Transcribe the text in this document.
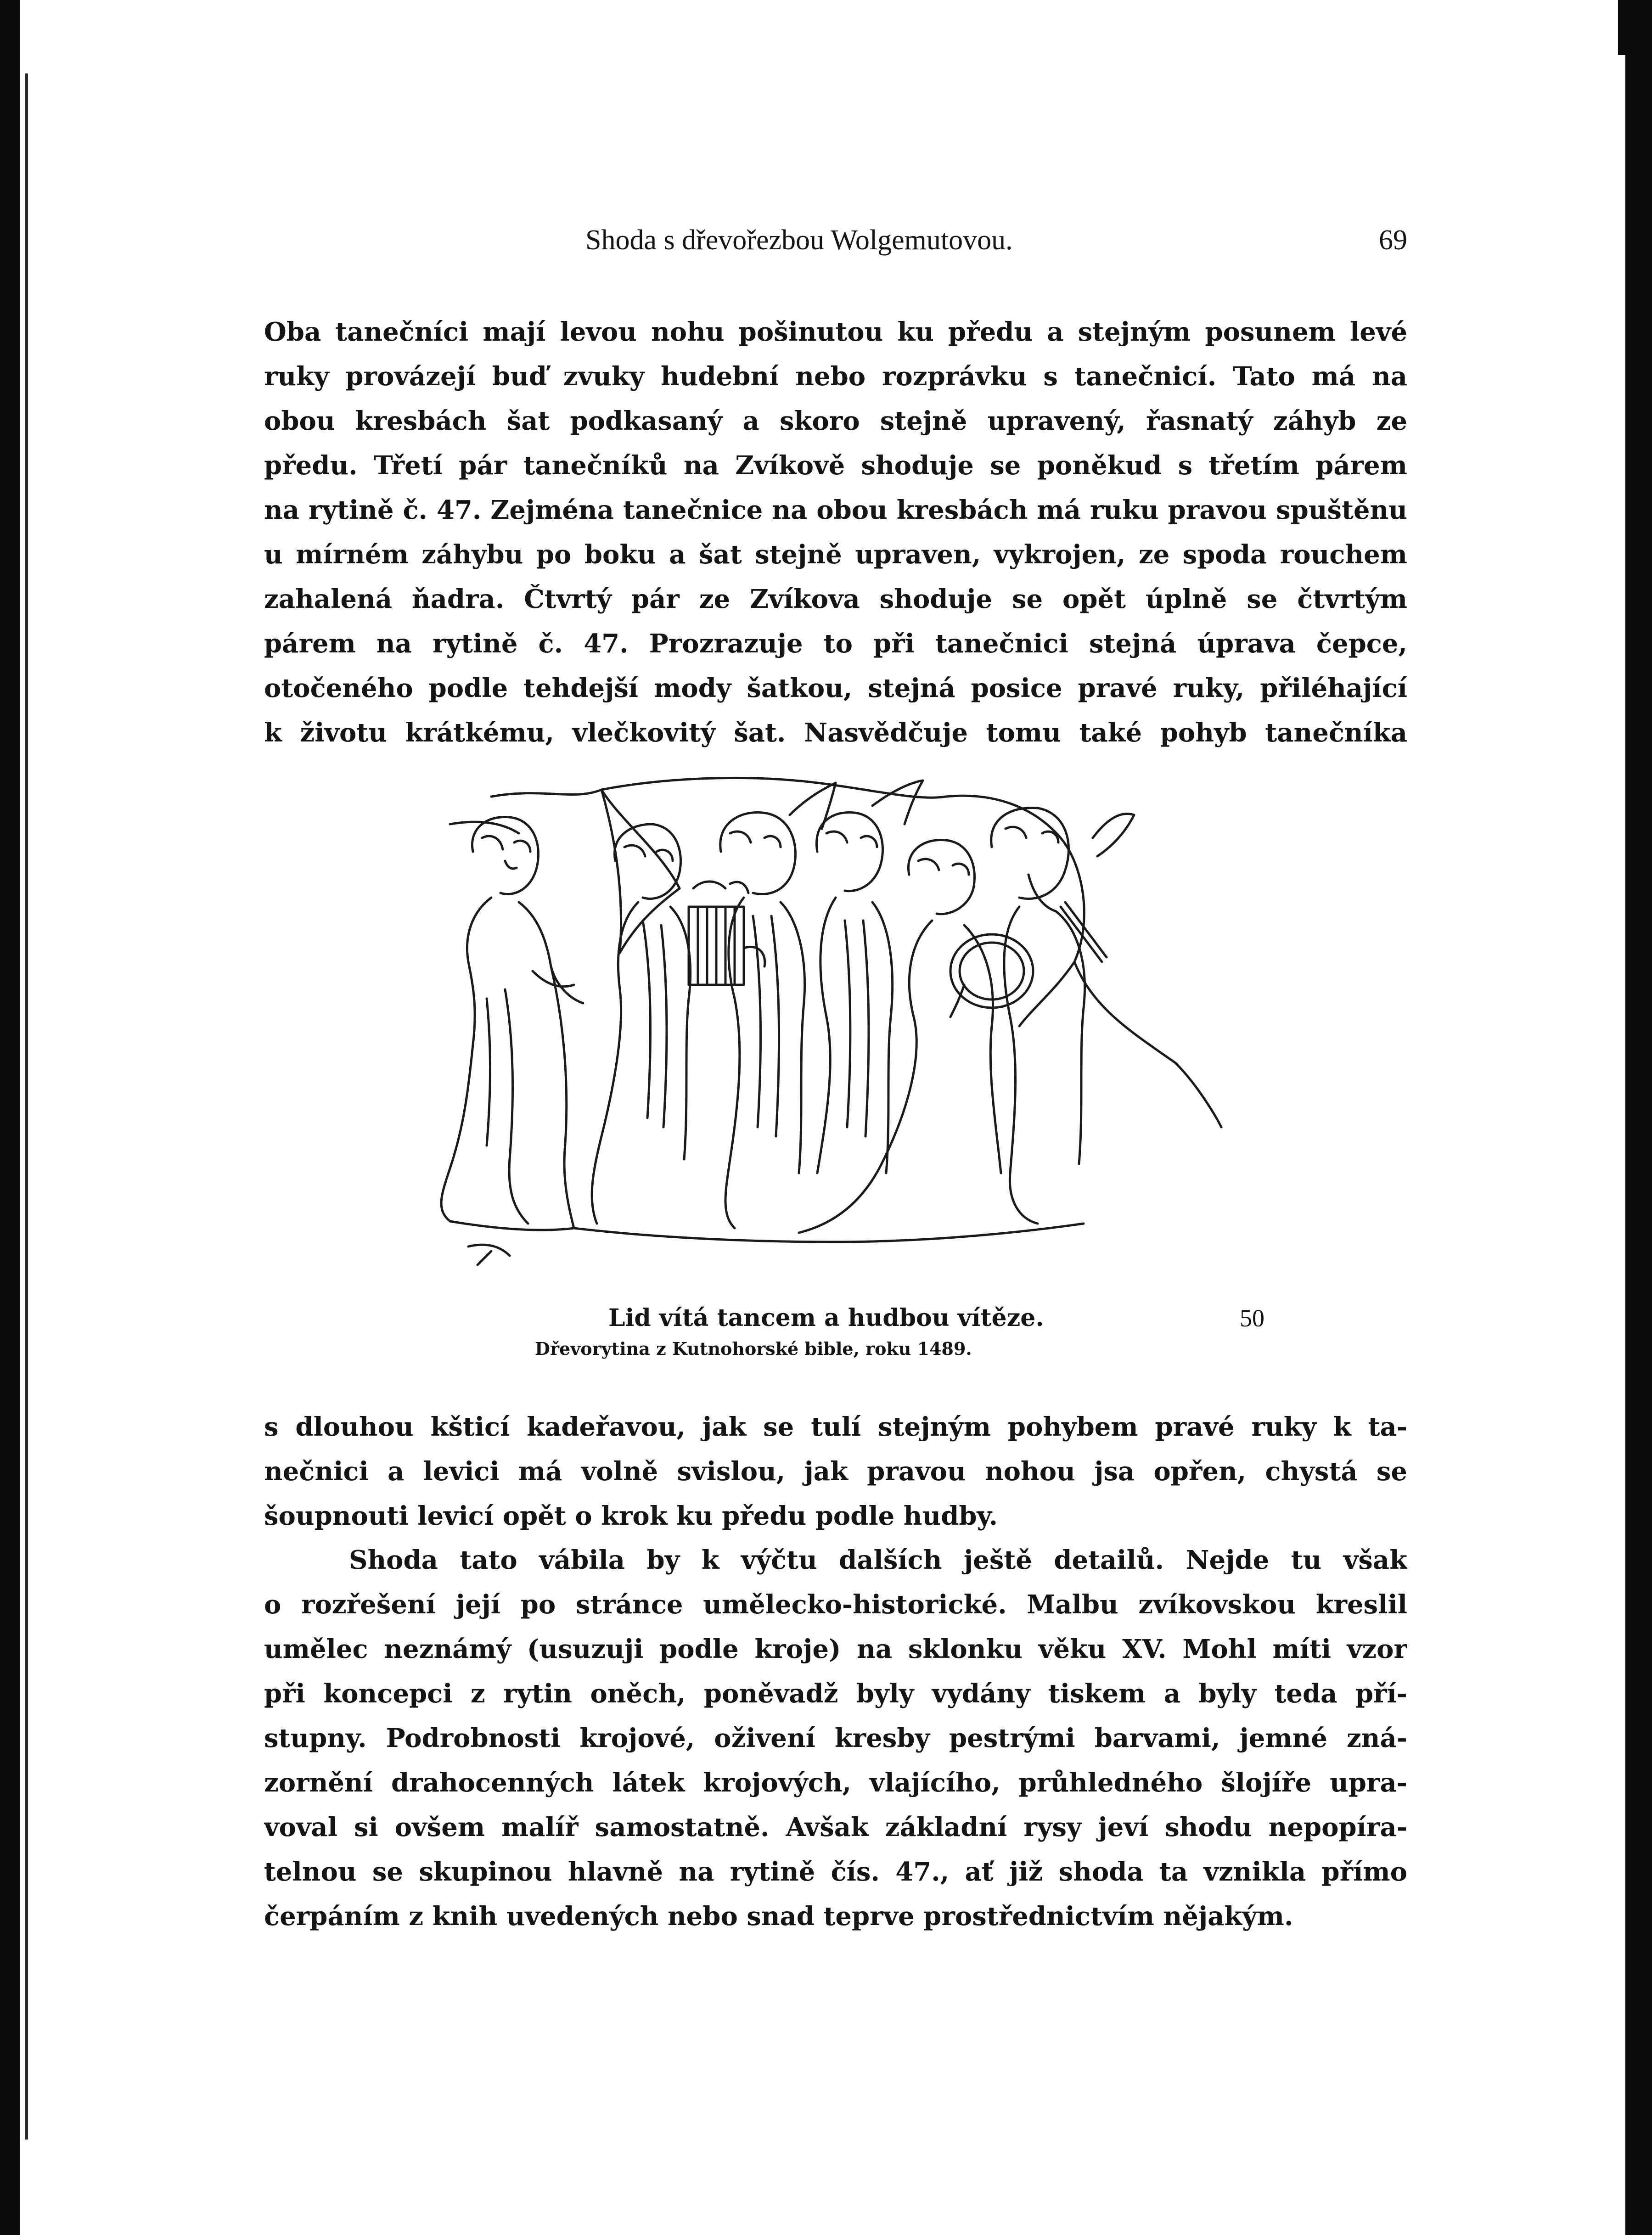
Shoda s dřevořezbou Wolgemutovou.	69
Oba tanečníci mají levou nohu pošinutou ku předu a stejným posunem levé
ruky provázejí buď zvuky hudební nebo rozprávku s tanečnicí. Tato má na
obou kresbách šat podkasaný a skoro stejně upravený, řasnatý záhyb ze
předu. Třetí pár tanečníků na Zvíkově shoduje se poněkud s třetím párem
na rytině č. 47. Zejména tanečnice na obou kresbách má ruku pravou spuštěnu
u mírném záhybu po boku a šat stejně upraven, vykrojen, ze spoda rouchem
zahalená ňadra. Čtvrtý pár ze Zvíkova shoduje se opět úplně se čtvrtým
párem na rytině č. 47. Prozrazuje to při tanečnici stejná úprava čepce,
otočeného podle tehdejší mody šatkou, stejná posice pravé ruky, přiléhající
k životu krátkému, vlečkovitý šat. Nasvědčuje tomu také pohyb tanečníka
Lid vítá tancem a hudbou vítěze.	50
Dřevorytina z Kutnohorské bible, roku 1489.
s dlouhou kšticí kadeřavou, jak se tulí stejným pohybem pravé ruky k ta-
nečnici a levici má volně svislou, jak pravou nohou jsa opřen, chystá se
šoupnouti levicí opět o krok ku předu podle hudby.
Shoda tato vábila by k výčtu dalších ještě detailů. Nejde tu však
o rozřešení její po stránce umělecko-historické. Malbu zvíkovskou kreslil
umělec neznámý (usuzuji podle kroje) na sklonku věku XV. Mohl míti vzor
při koncepci z rytin oněch, poněvadž byly vydány tiskem a byly teda pří-
stupny. Podrobnosti krojové, oživení kresby pestrými barvami, jemné zná-
zornění drahocenných látek krojových, vlajícího, průhledného šlojíře upra-
voval si ovšem malíř samostatně. Avšak základní rysy jeví shodu nepopíra-
telnou se skupinou hlavně na rytině čís. 47., ať již shoda ta vznikla přímo
čerpáním z knih uvedených nebo snad teprve prostřednictvím nějakým.
